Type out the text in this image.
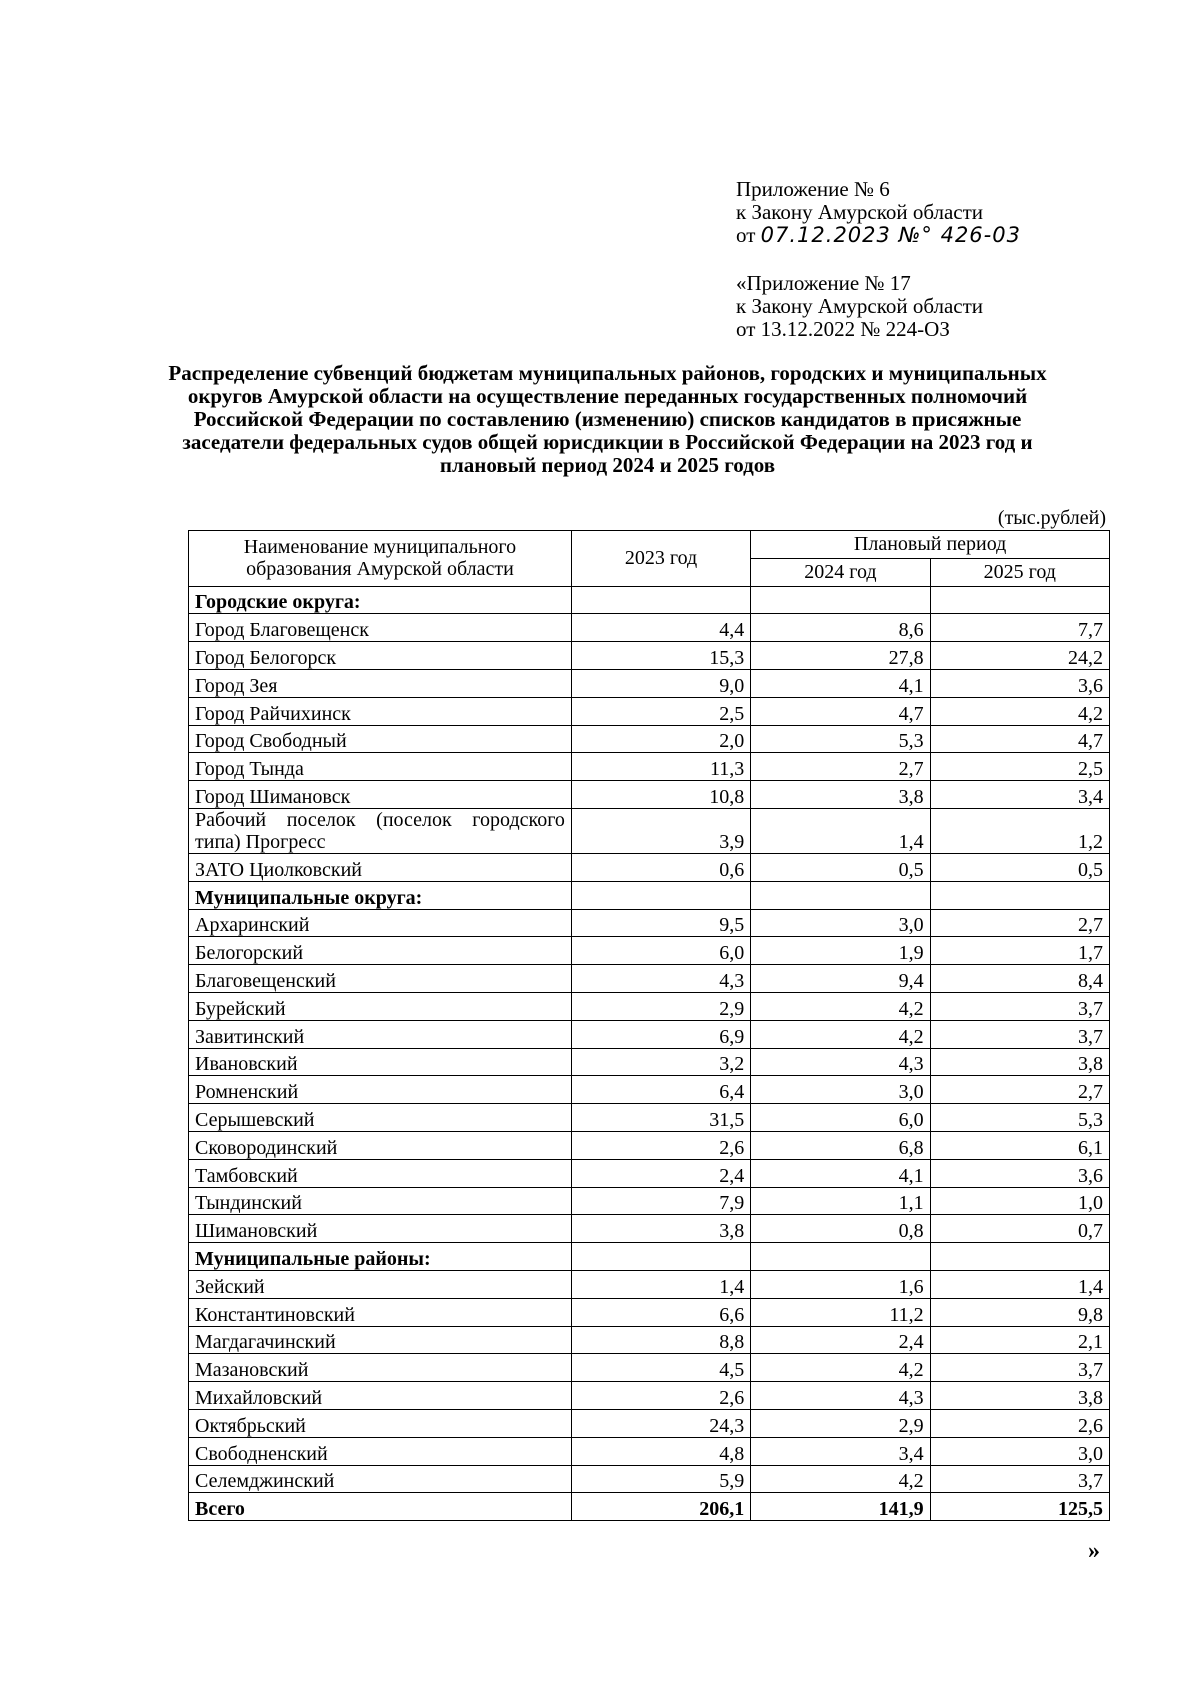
Приложение № 6
к Закону Амурской области
от 07.12.2023 №° 426-03
«Приложение № 17
к Закону Амурской области
от 13.12.2022 № 224-ОЗ
Распределение субвенций бюджетам муниципальных районов, городских и муниципальных округов Амурской области на осуществление переданных государственных полномочий Российской Федерации по составлению (изменению) списков кандидатов в присяжные заседатели федеральных судов общей юрисдикции в Российской Федерации на 2023 год и плановый период 2024 и 2025 годов
(тыс.рублей)
Наименование муниципального образования Амурской области	2023 год	Плановый период	
		2024 год	2025 год
Городские округа:			
Город Благовещенск	4,4	8,6	7,7
Город Белогорск	15,3	27,8	24,2
Город Зея	9,0	4,1	3,6
Город Райчихинск	2,5	4,7	4,2
Город Свободный	2,0	5,3	4,7
Город Тында	11,3	2,7	2,5
Город Шимановск	10,8	3,8	3,4
Рабочий поселок (поселок городского типа) Прогресс	3,9	1,4	1,2
ЗАТО Циолковский	0,6	0,5	0,5
Муниципальные округа:			
Архаринский	9,5	3,0	2,7
Белогорский	6,0	1,9	1,7
Благовещенский	4,3	9,4	8,4
Бурейский	2,9	4,2	3,7
Завитинский	6,9	4,2	3,7
Ивановский	3,2	4,3	3,8
Ромненский	6,4	3,0	2,7
Серышевский	31,5	6,0	5,3
Сковородинский	2,6	6,8	6,1
Тамбовский	2,4	4,1	3,6
Тындинский	7,9	1,1	1,0
Шимановский	3,8	0,8	0,7
Муниципальные районы:			
Зейский	1,4	1,6	1,4
Константиновский	6,6	11,2	9,8
Магдагачинский	8,8	2,4	2,1
Мазановский	4,5	4,2	3,7
Михайловский	2,6	4,3	3,8
Октябрьский	24,3	2,9	2,6
Свободненский	4,8	3,4	3,0
Селемджинский	5,9	4,2	3,7
Всего	206,1	141,9	125,5
»
